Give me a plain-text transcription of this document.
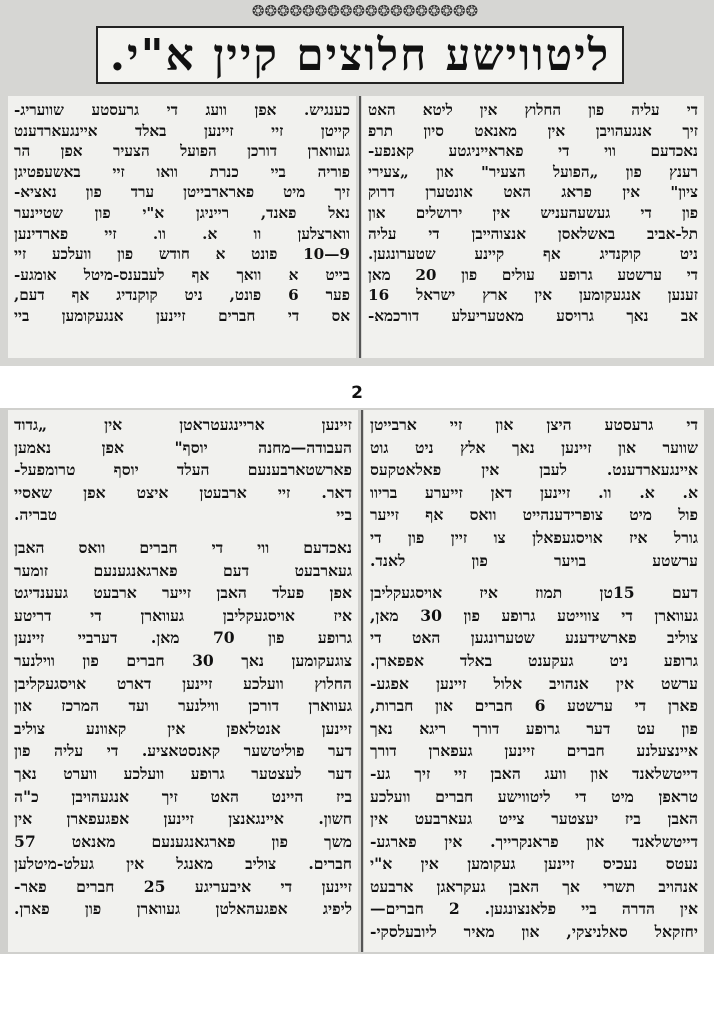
❂❂❂❂❂❂❂❂❂❂❂❂❂❂❂❂❂❂
ליטווישע חלוצים קיין א"י.
כענגיש. אפן וועג די גרעסטע שוועריג-
קייטן זיי זיינען באלד איינגעארדענט
געווארן דורכן הפועל הצעיר אפן הר
פוריה ביי כנרת וואו זיי באשעפטיגן
זיך מיט פארארבייטן ערד פון נאציא-
נאל פאנד, רייניגן א"י פון שטיינער
ווארצלען וו א. וו. זיי פארדינען
9—10 פונט א חודש פון וועלכע זיי
בייט א וואך אף לעבענס-מיטל אומגע-
פער 6 פונט, ניט קוקנדיג אף דעם,
אס די חברים זיינען אנגעקומען ביי
די עליה פון החלוץ אין ליטא האט
זיך אנגעהויבן אין מאנאט סיון תרפ
נאכדעם ווי די פאראייניגטע קאנפע-
רענץ פון „הפועל הצעיר" און „צעירי
ציון" אין פראג האט אונטערן דרוק
פון די געשעהעניש אין ירושלים און
תל-אביב באשלאסן אנצוהייבן די עליה
ניט קוקנדיג אף קיינע שטערונגען.
די ערשטע גרופע עולים פון 20 מאן
זענען אנגעקומען אין ארץ ישראל 16
אב נאך גרויסע מאטעריעלע דורכמא-
2
זיינען אריינגעטראטן אין „גדוד
העבודה—מחנה יוסף" אפן נאמען
פארשטארבענעם העלד יוסף טרומפעל-
דאר. זיי ארבעטן איצט אפן שאסיי
ביי טבריה.
נאכדעם ווי די חברים וואס האבן
געארבעט דעם פארגאנגענעם זומער
אפן פעלד האבן זייער ארבעט געענדיגט
איז אויסגעקליבן געווארן די דריטע
גרופע פון 70 מאן. דערביי זיינען
צוגעקומען נאך 30 חברים פון ווילנער
החלוץ וועלכע זיינען דארט אויסגעקליבן
געווארן דורכן ווילנער ועד המרכז און
זיינען אנטלאפן אין קאוונע צוליב
דער פוליטשער קאנסטאציע. די עליה פון
דער לעצטער גרופע וועלכע ווערט נאך
ביז היינט האט זיך אנגעהויבן כ"ה
חשון. איינגאנצן זיינען אפגעפארן אין
משך פון פארגאנגענעם מאנאט 57
חברים. צוליב מאנגל אין געלט-מיטלען
זיינען די איבעריגע 25 חברים פאר-
ליפיג אפגעהאלטן געווארן פון פארן.
די גרעסטע היצן און זיי ארבייטן
שווער און זיינען נאך אלץ ניט גוט
איינגעארדענט. לעבן אין פאלאטקעס
א. א. וו. זיינען דאן זייערע בריוו
פול מיט צופרידענהייט וואס אף זייער
גורל איז אויסגעפאלן צו זיין פון די
ערשטע בויער פון לאנד.
דעם 15טן תמוז איז אויסגעקליבן
געווארן די צווייטע גרופע פון 30 מאן,
צוליב פארשידענע שטערונגען האט די
גרופע ניט געקענט באלד אפפארן.
ערשט אין אנהויב אלול זיינען אפגע-
פארן די ערשטע 6 חברים און חברות,
פון עט דער גרופע דורך ריגא נאך
איינצעלנע חברים זיינען געפארן דורך
דייטשלאנד און וועג האבן זיי זיך גע-
טראפן מיט די ליטווישע חברים וועלכע
האבן ביז יעצטער צייט געארבעט אין
דייטשלאנד און פראנקרייך. אין פארגע-
נעטס נעכיס זיינען געקומען אין א"י
אנהויב תשרי אך האבן געקראגן ארבעט
אין הדרה ביי פלאנצונגען. 2 חברים—
יחזקאל סאלניצקי, און מאיר ליובעלסקי-
